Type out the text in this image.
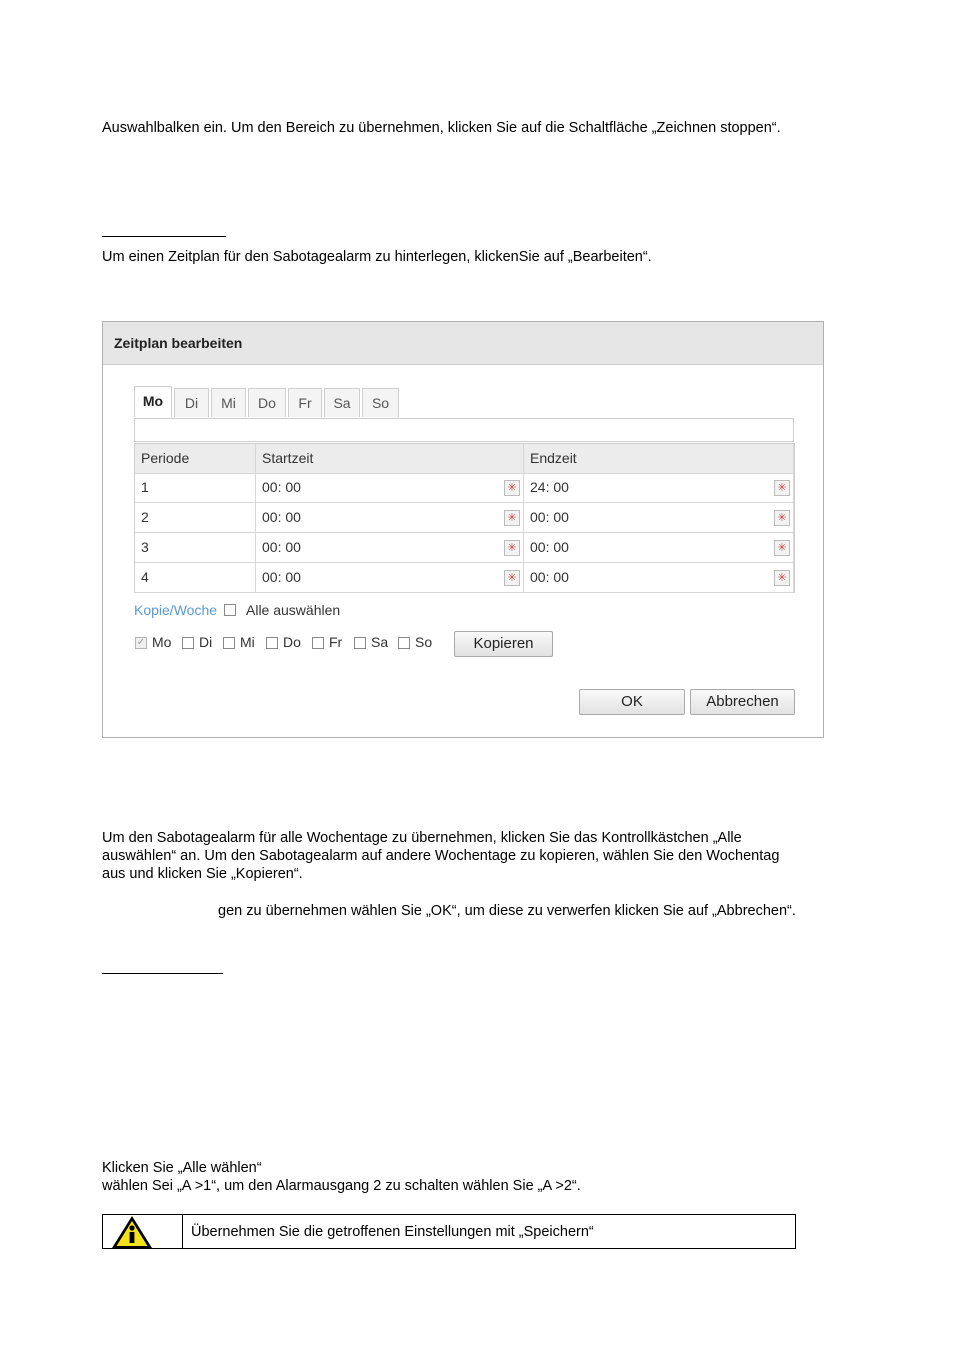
Auswahlbalken ein. Um den Bereich zu übernehmen, klicken Sie auf die Schaltfläche „Zeichnen stoppen“.
Um einen Zeitplan für den Sabotagealarm zu hinterlegen, klickenSie auf „Bearbeiten“.
Zeitplan bearbeiten
Mo	Di	Mi	Do	Fr	Sa	So
Periode	Startzeit	Endzeit
1	00: 00	✳ 24: 00	✳
2	00: 00	✳ 00: 00	✳
3	00: 00	✳ 00: 00	✳
4	00: 00	✳ 00: 00	✳
Kopie/Woche Alle auswählen
✓ Mo Di Mi Do Fr Sa So	Kopieren
OK	Abbrechen
Um den Sabotagealarm für alle Wochentage zu übernehmen, klicken Sie das Kontrollkästchen „Alle
auswählen“ an. Um den Sabotagealarm auf andere Wochentage zu kopieren, wählen Sie den Wochentag
aus und klicken Sie „Kopieren“.
gen zu übernehmen wählen Sie „OK“, um diese zu verwerfen klicken Sie auf „Abbrechen“.
Klicken Sie „Alle wählen“
wählen Sei „A >1“, um den Alarmausgang 2 zu schalten wählen Sie „A >2“.
Übernehmen Sie die getroffenen Einstellungen mit „Speichern“
